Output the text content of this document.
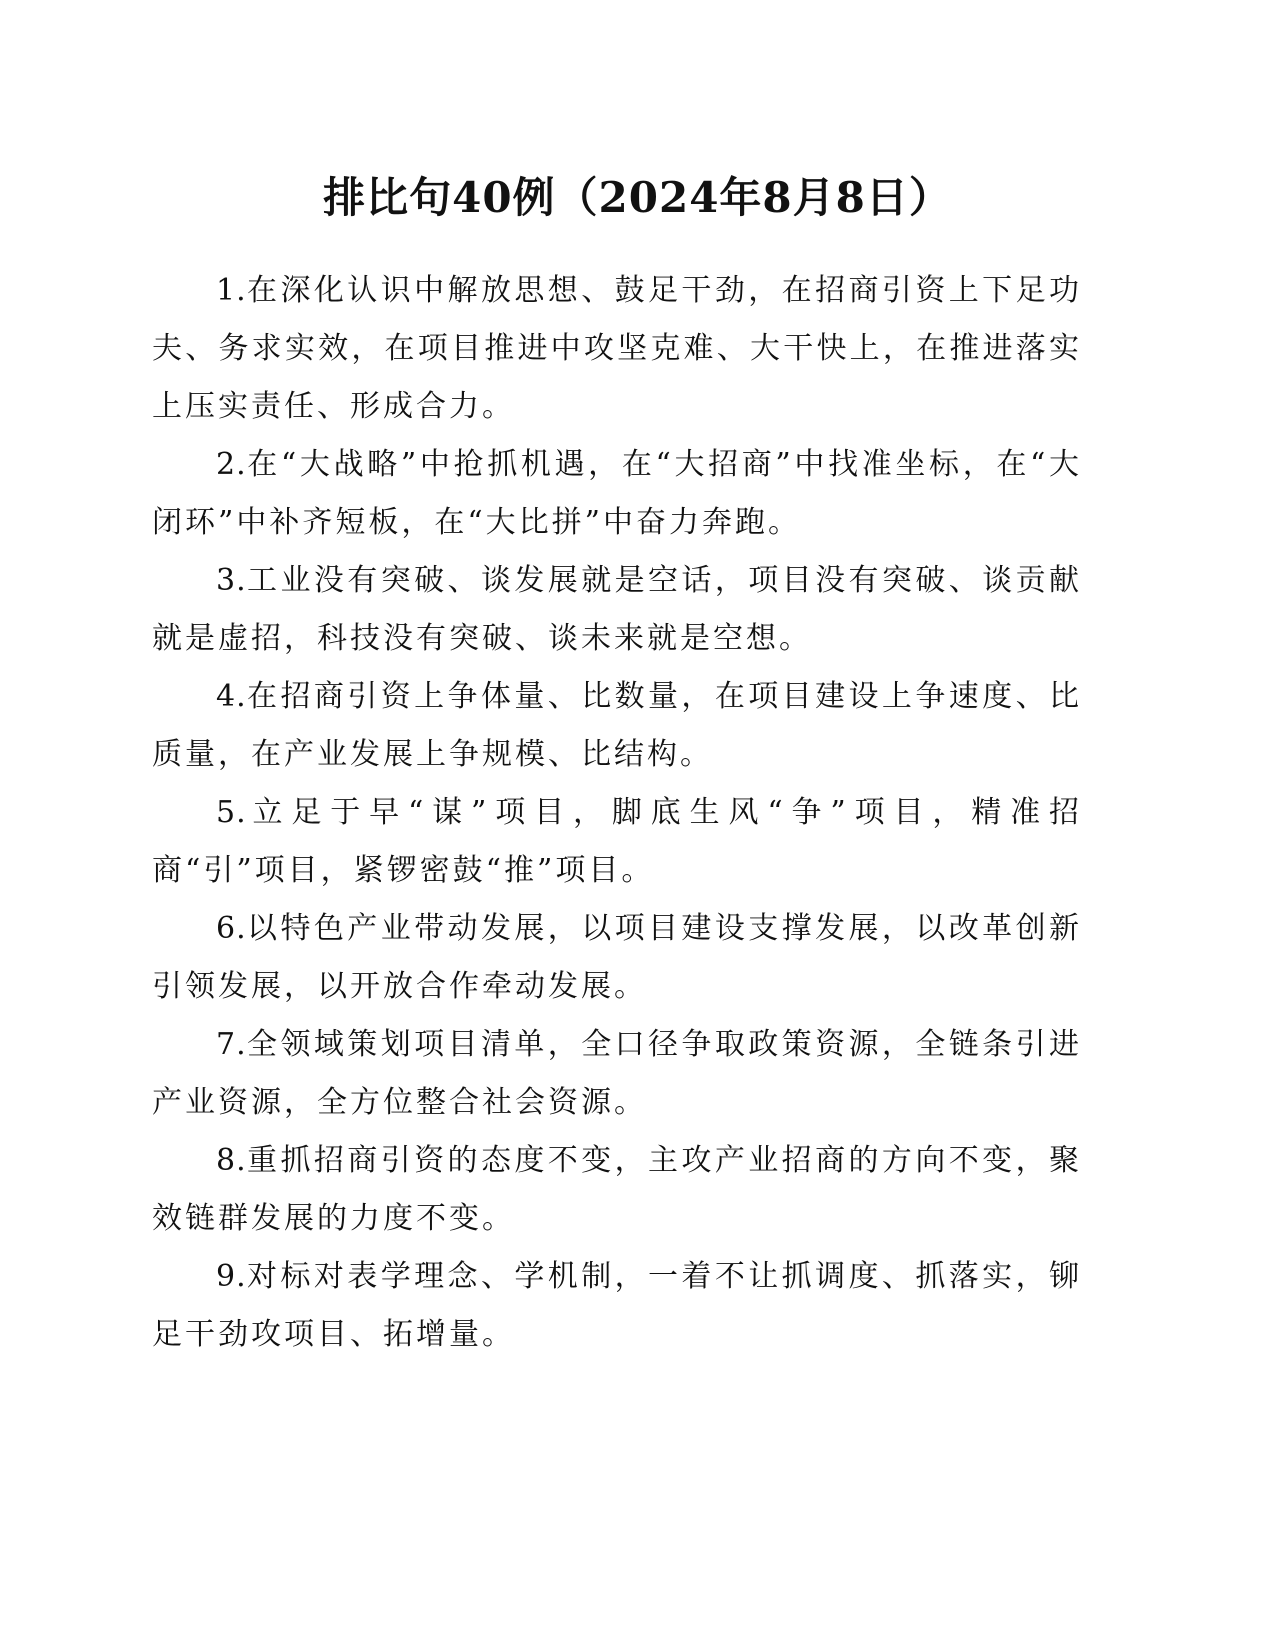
排比句40例（2024年8月8日）

1.在深化认识中解放思想、鼓足干劲，在招商引资上下足功夫、务求实效，在项目推进中攻坚克难、大干快上，在推进落实上压实责任、形成合力。

2.在“大战略”中抢抓机遇，在“大招商”中找准坐标，在“大闭环”中补齐短板，在“大比拼”中奋力奔跑。

3.工业没有突破、谈发展就是空话，项目没有突破、谈贡献就是虚招，科技没有突破、谈未来就是空想。

4.在招商引资上争体量、比数量，在项目建设上争速度、比质量，在产业发展上争规模、比结构。

5.立足于早“谋”项目，脚底生风“争”项目，精准招商“引”项目，紧锣密鼓“推”项目。

6.以特色产业带动发展，以项目建设支撑发展，以改革创新引领发展，以开放合作牵动发展。

7.全领域策划项目清单，全口径争取政策资源，全链条引进产业资源，全方位整合社会资源。

8.重抓招商引资的态度不变，主攻产业招商的方向不变，聚效链群发展的力度不变。

9.对标对表学理念、学机制，一着不让抓调度、抓落实，铆足干劲攻项目、拓增量。
